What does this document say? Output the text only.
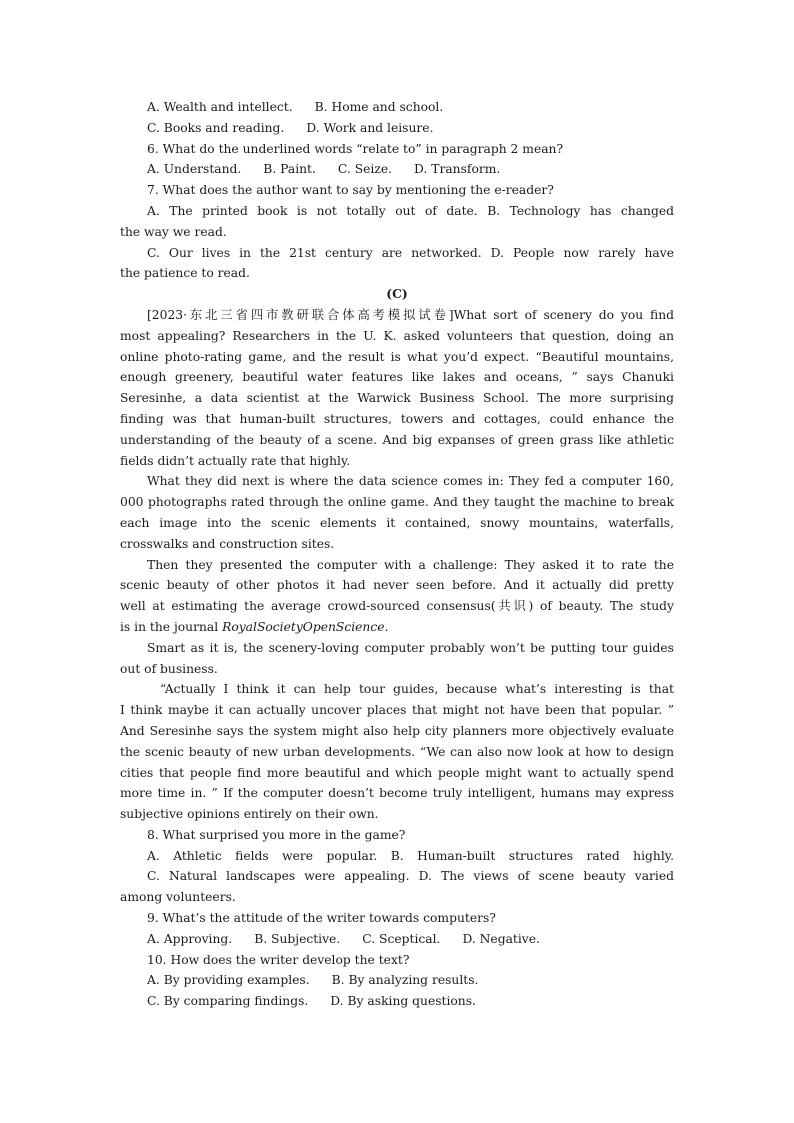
A. Wealth and intellect. B. Home and school.

C. Books and reading. D. Work and leisure.

6. What do the underlined words “relate to” in paragraph 2 mean?

A. Understand. B. Paint. C. Seize. D. Transform.

7. What does the author want to say by mentioning the e-reader?

A. The printed book is not totally out of date. B. Technology has changed

the way we read.

C. Our lives in the 21st century are networked. D. People now rarely have

the patience to read.

(C)

[2023·东北三省四市教研联合体高考模拟试卷]What sort of scenery do you find

most appealing? Researchers in the U. K. asked volunteers that question, doing an

online photo-rating game, and the result is what you’d expect. “Beautiful mountains,

enough greenery, beautiful water features like lakes and oceans, ” says Chanuki

Seresinhe, a data scientist at the Warwick Business School. The more surprising

finding was that human-built structures, towers and cottages, could enhance the

understanding of the beauty of a scene. And big expanses of green grass like athletic

fields didn’t actually rate that highly.

What they did next is where the data science comes in: They fed a computer 160,

000 photographs rated through the online game. And they taught the machine to break

each image into the scenic elements it contained, snowy mountains, waterfalls,

crosswalks and construction sites.

Then they presented the computer with a challenge: They asked it to rate the

scenic beauty of other photos it had never seen before. And it actually did pretty

well at estimating the average crowd-sourced consensus(共识) of beauty. The study

is in the journal RoyalSocietyOpenScience.

Smart as it is, the scenery-loving computer probably won’t be putting tour guides

out of business.

“Actually I think it can help tour guides, because what’s interesting is that

I think maybe it can actually uncover places that might not have been that popular. ”

And Seresinhe says the system might also help city planners more objectively evaluate

the scenic beauty of new urban developments. “We can also now look at how to design

cities that people find more beautiful and which people might want to actually spend

more time in. ” If the computer doesn’t become truly intelligent, humans may express

subjective opinions entirely on their own.

8. What surprised you more in the game?

A. Athletic fields were popular. B. Human-built structures rated highly.

C. Natural landscapes were appealing. D. The views of scene beauty varied

among volunteers.

9. What’s the attitude of the writer towards computers?

A. Approving. B. Subjective. C. Sceptical. D. Negative.

10. How does the writer develop the text?

A. By providing examples. B. By analyzing results.

C. By comparing findings. D. By asking questions.
